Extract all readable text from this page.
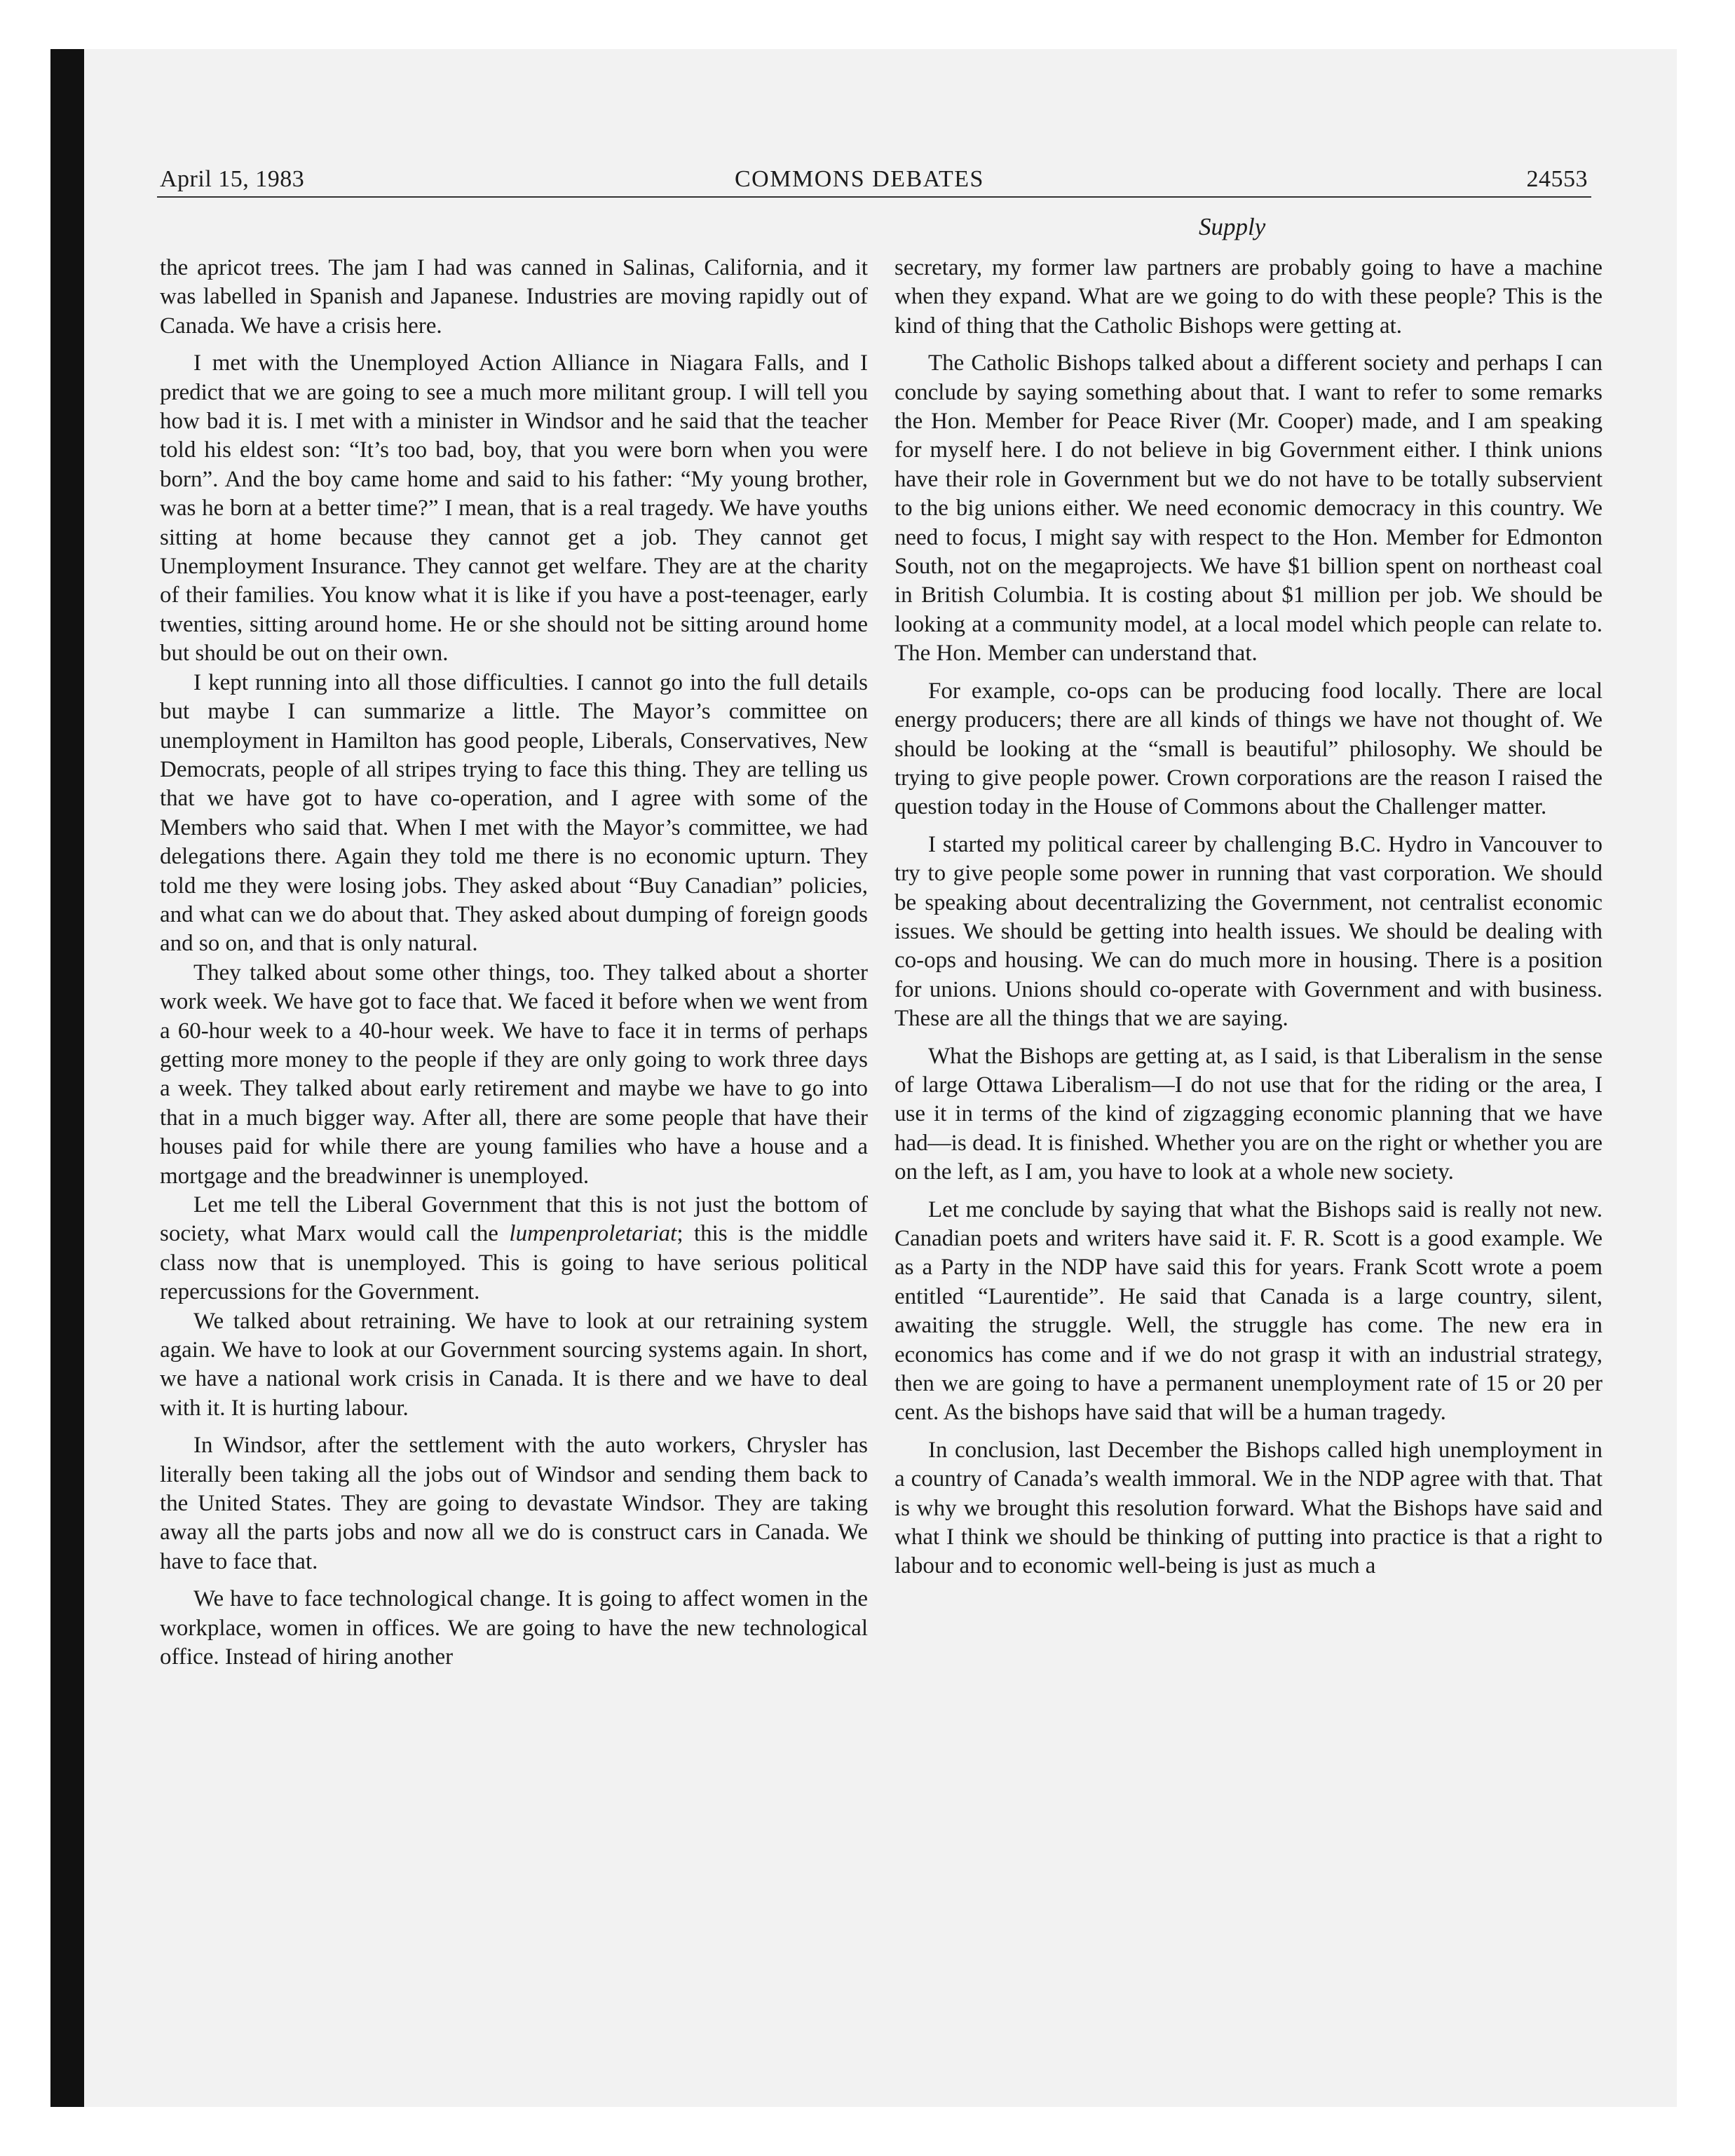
April 15, 1983	COMMONS DEBATES	24553
Supply

the apricot trees. The jam I had was canned in Salinas, California, and it was labelled in Spanish and Japanese. Industries are moving rapidly out of Canada. We have a crisis here.

I met with the Unemployed Action Alliance in Niagara Falls, and I predict that we are going to see a much more militant group. I will tell you how bad it is. I met with a minister in Windsor and he said that the teacher told his eldest son: “It’s too bad, boy, that you were born when you were born”. And the boy came home and said to his father: “My young brother, was he born at a better time?” I mean, that is a real tragedy. We have youths sitting at home because they cannot get a job. They cannot get Unemployment Insurance. They cannot get welfare. They are at the charity of their families. You know what it is like if you have a post-teenager, early twenties, sitting around home. He or she should not be sitting around home but should be out on their own.

I kept running into all those difficulties. I cannot go into the full details but maybe I can summarize a little. The Mayor’s committee on unemployment in Hamilton has good people, Liberals, Conservatives, New Democrats, people of all stripes trying to face this thing. They are telling us that we have got to have co-operation, and I agree with some of the Members who said that. When I met with the Mayor’s committee, we had delegations there. Again they told me there is no economic upturn. They told me they were losing jobs. They asked about “Buy Canadian” policies, and what can we do about that. They asked about dumping of foreign goods and so on, and that is only natural.

They talked about some other things, too. They talked about a shorter work week. We have got to face that. We faced it before when we went from a 60-hour week to a 40-hour week. We have to face it in terms of perhaps getting more money to the people if they are only going to work three days a week. They talked about early retirement and maybe we have to go into that in a much bigger way. After all, there are some people that have their houses paid for while there are young families who have a house and a mortgage and the breadwinner is unemployed.

Let me tell the Liberal Government that this is not just the bottom of society, what Marx would call the lumpenproletariat; this is the middle class now that is unemployed. This is going to have serious political repercussions for the Government.

We talked about retraining. We have to look at our retraining system again. We have to look at our Government sourcing systems again. In short, we have a national work crisis in Canada. It is there and we have to deal with it. It is hurting labour.

In Windsor, after the settlement with the auto workers, Chrysler has literally been taking all the jobs out of Windsor and sending them back to the United States. They are going to devastate Windsor. They are taking away all the parts jobs and now all we do is construct cars in Canada. We have to face that.

We have to face technological change. It is going to affect women in the workplace, women in offices. We are going to have the new technological office. Instead of hiring another

secretary, my former law partners are probably going to have a machine when they expand. What are we going to do with these people? This is the kind of thing that the Catholic Bishops were getting at.

The Catholic Bishops talked about a different society and perhaps I can conclude by saying something about that. I want to refer to some remarks the Hon. Member for Peace River (Mr. Cooper) made, and I am speaking for myself here. I do not believe in big Government either. I think unions have their role in Government but we do not have to be totally subservient to the big unions either. We need economic democracy in this country. We need to focus, I might say with respect to the Hon. Member for Edmonton South, not on the megaprojects. We have $1 billion spent on northeast coal in British Columbia. It is costing about $1 million per job. We should be looking at a community model, at a local model which people can relate to. The Hon. Member can understand that.

For example, co-ops can be producing food locally. There are local energy producers; there are all kinds of things we have not thought of. We should be looking at the “small is beautiful” philosophy. We should be trying to give people power. Crown corporations are the reason I raised the question today in the House of Commons about the Challenger matter.

I started my political career by challenging B.C. Hydro in Vancouver to try to give people some power in running that vast corporation. We should be speaking about decentralizing the Government, not centralist economic issues. We should be getting into health issues. We should be dealing with co-ops and housing. We can do much more in housing. There is a position for unions. Unions should co-operate with Government and with business. These are all the things that we are saying.

What the Bishops are getting at, as I said, is that Liberalism in the sense of large Ottawa Liberalism—I do not use that for the riding or the area, I use it in terms of the kind of zigzagging economic planning that we have had—is dead. It is finished. Whether you are on the right or whether you are on the left, as I am, you have to look at a whole new society.

Let me conclude by saying that what the Bishops said is really not new. Canadian poets and writers have said it. F. R. Scott is a good example. We as a Party in the NDP have said this for years. Frank Scott wrote a poem entitled “Laurentide”. He said that Canada is a large country, silent, awaiting the struggle. Well, the struggle has come. The new era in economics has come and if we do not grasp it with an industrial strategy, then we are going to have a permanent unemployment rate of 15 or 20 per cent. As the bishops have said that will be a human tragedy.

In conclusion, last December the Bishops called high unemployment in a country of Canada’s wealth immoral. We in the NDP agree with that. That is why we brought this resolution forward. What the Bishops have said and what I think we should be thinking of putting into practice is that a right to labour and to economic well-being is just as much a
